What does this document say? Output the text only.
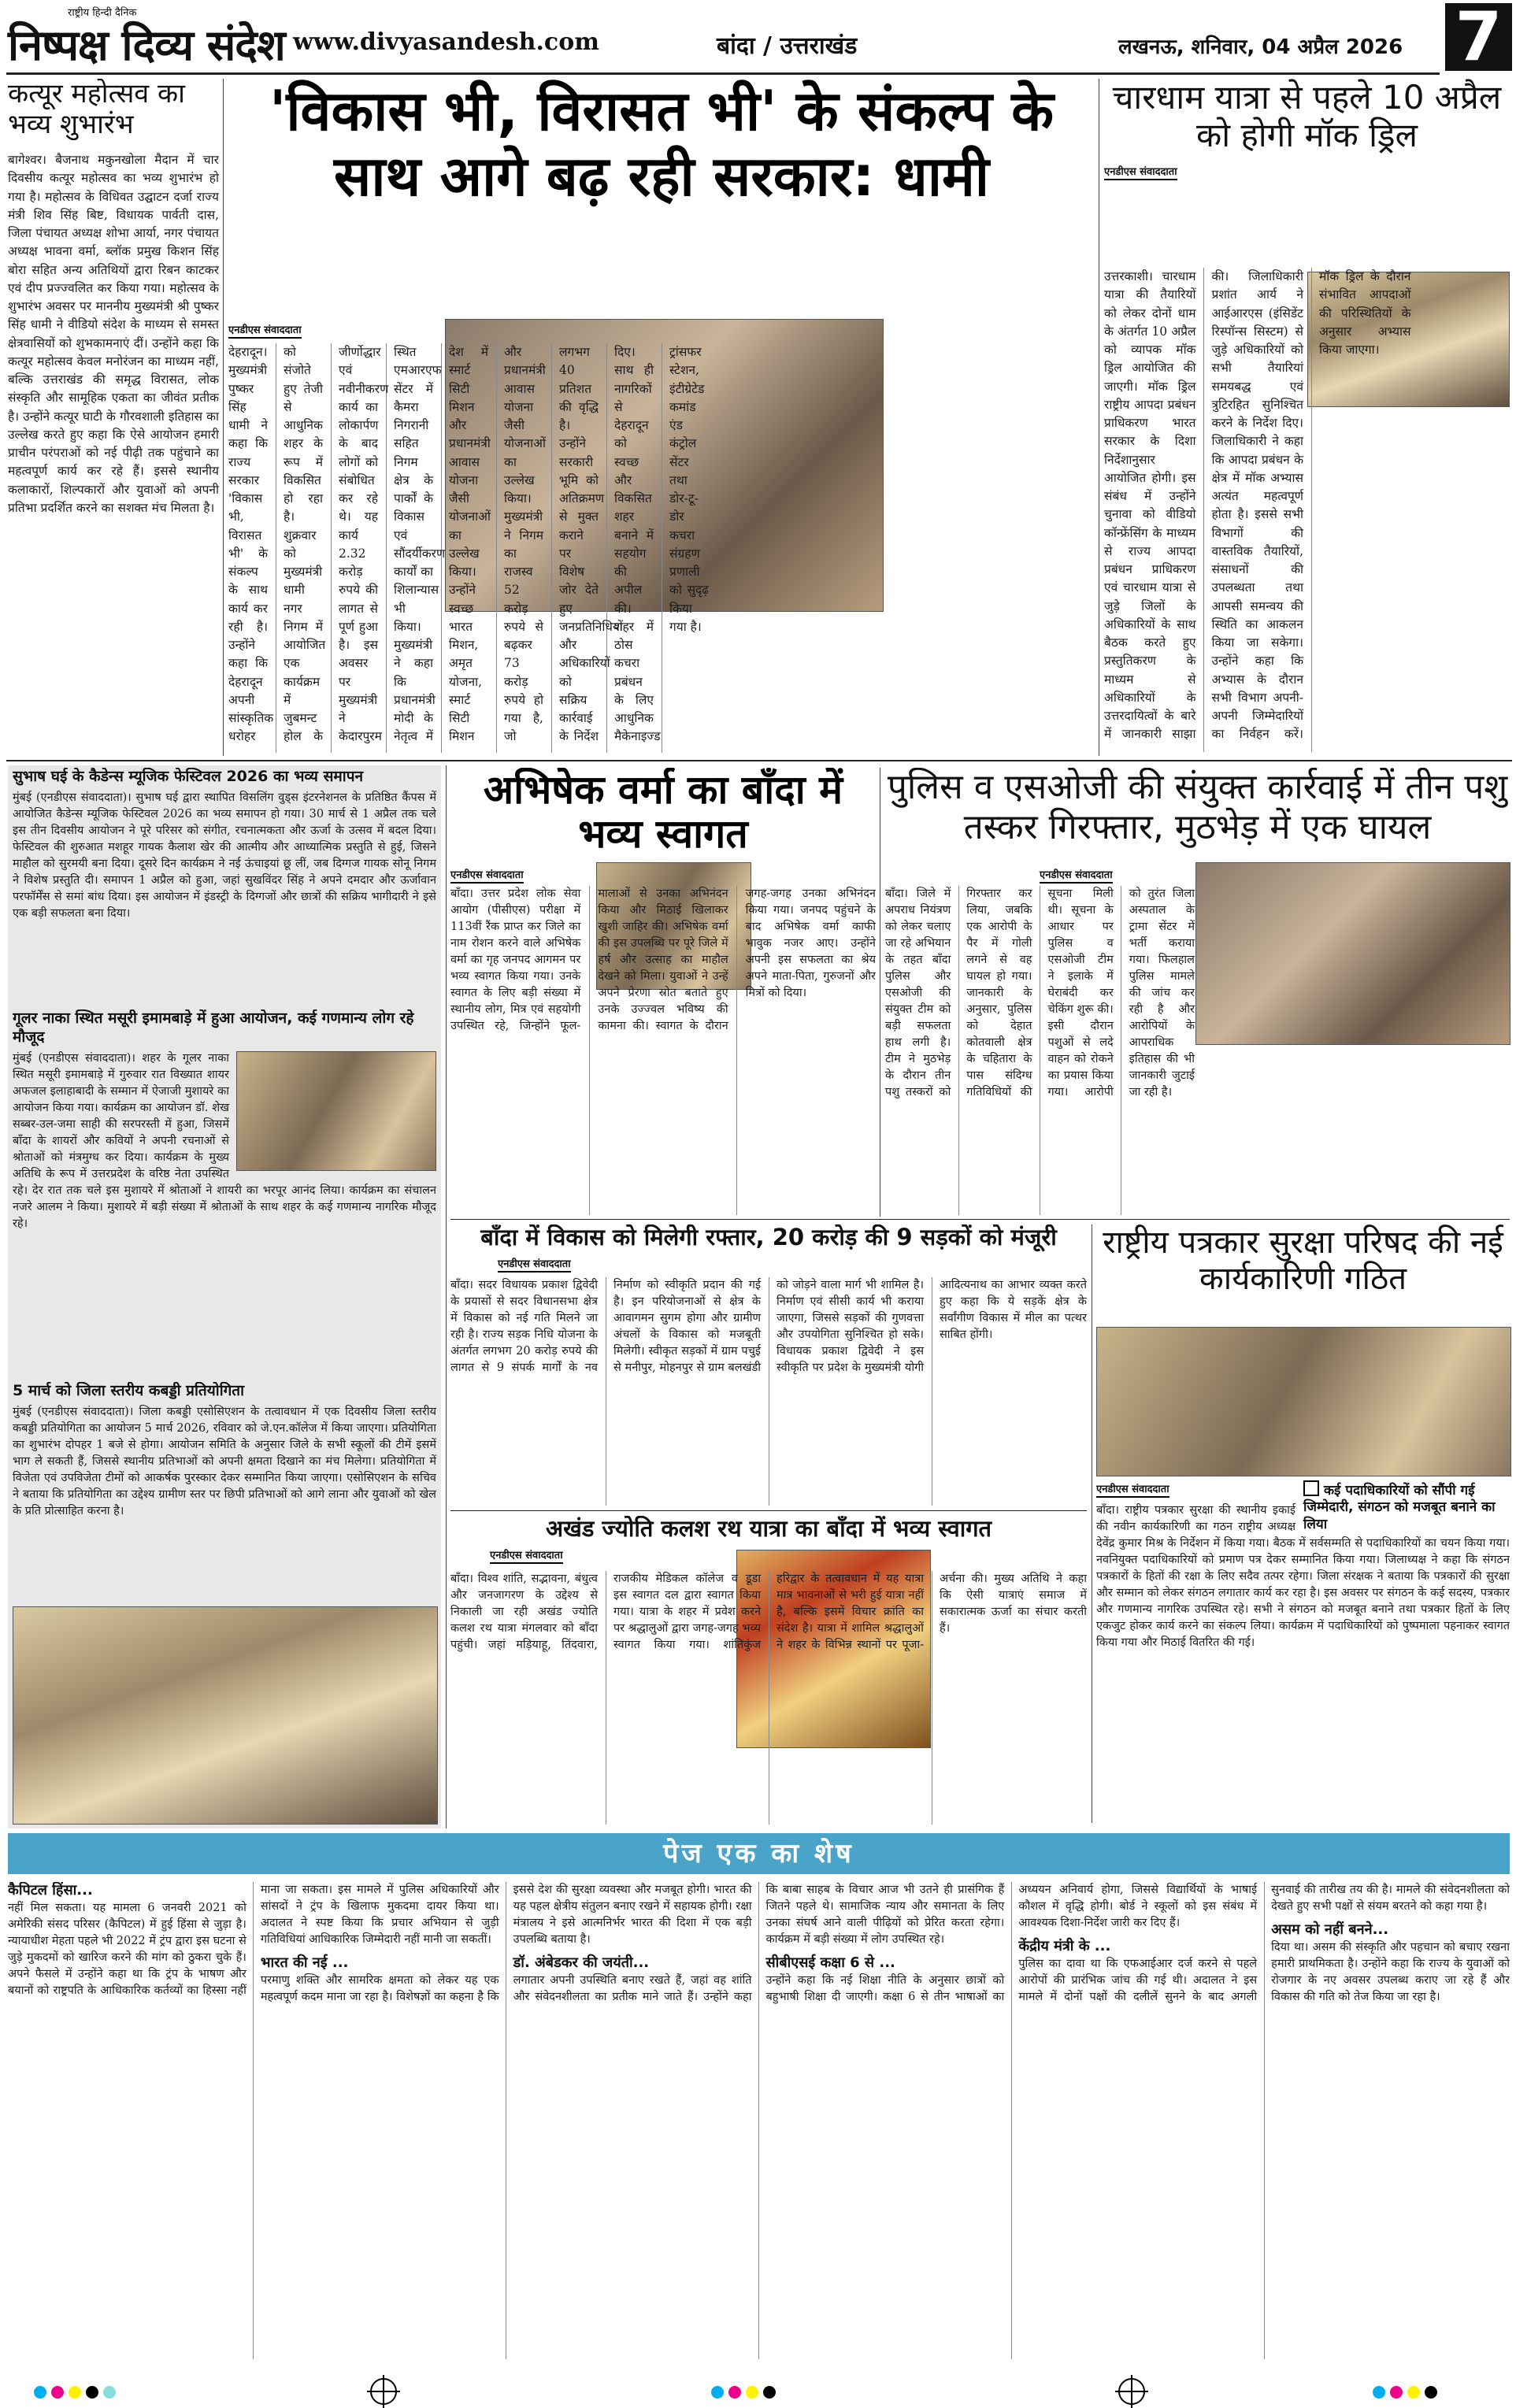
राष्ट्रीय हिन्दी दैनिक
निष्पक्ष दिव्य संदेश www.divyasandesh.com	बांदा / उत्तराखंड	लखनऊ, शनिवार, 04 अप्रैल 2026 7
कत्यूर महोत्सव का भव्य शुभारंभ

बागेश्वर। बैजनाथ मकुनखोला मैदान में चार दिवसीय कत्यूर महोत्सव का भव्य शुभारंभ हो गया है। महोत्सव के विधिवत उद्घाटन दर्जा राज्य मंत्री शिव सिंह बिष्ट, विधायक पार्वती दास, जिला पंचायत अध्यक्ष शोभा आर्या, नगर पंचायत अध्यक्ष भावना वर्मा, ब्लॉक प्रमुख किशन सिंह बोरा सहित अन्य अतिथियों द्वारा रिबन काटकर एवं दीप प्रज्ज्वलित कर किया गया। महोत्सव के शुभारंभ अवसर पर माननीय मुख्यमंत्री श्री पुष्कर सिंह धामी ने वीडियो संदेश के माध्यम से समस्त क्षेत्रवासियों को शुभकामनाएं दीं। उन्होंने कहा कि कत्यूर महोत्सव केवल मनोरंजन का माध्यम नहीं, बल्कि उत्तराखंड की समृद्ध विरासत, लोक संस्कृति और सामूहिक एकता का जीवंत प्रतीक है। उन्होंने कत्यूर घाटी के गौरवशाली इतिहास का उल्लेख करते हुए कहा कि ऐसे आयोजन हमारी प्राचीन परंपराओं को नई पीढ़ी तक पहुंचाने का महत्वपूर्ण कार्य कर रहे हैं। इससे स्थानीय कलाकारों, शिल्पकारों और युवाओं को अपनी प्रतिभा प्रदर्शित करने का सशक्त मंच मिलता है।

'विकास भी, विरासत भी' के संकल्प के साथ आगे बढ़ रही सरकार: धामी
एनडीएस संवाददाता

देहरादून। मुख्यमंत्री पुष्कर सिंह धामी ने कहा कि राज्य सरकार 'विकास भी, विरासत भी' के संकल्प के साथ कार्य कर रही है। उन्होंने कहा कि देहरादून अपनी सांस्कृतिक धरोहर को संजोते हुए तेजी से आधुनिक शहर के रूप में विकसित हो रहा है। शुक्रवार को मुख्यमंत्री धामी नगर निगम में आयोजित एक कार्यक्रम में जुबमन्ट होल के जीर्णोद्धार एवं नवीनीकरण कार्य का लोकार्पण के बाद लोगों को संबोधित कर रहे थे। यह कार्य 2.32 करोड़ रुपये की लागत से पूर्ण हुआ है। इस अवसर पर मुख्यमंत्री ने केदारपुरम स्थित एमआरएफ सेंटर में कैमरा निगरानी सहित निगम क्षेत्र के पार्कों के विकास एवं सौंदर्यीकरण कार्यों का शिलान्यास भी किया। मुख्यमंत्री ने कहा कि प्रधानमंत्री मोदी के नेतृत्व में देश में स्मार्ट सिटी मिशन और प्रधानमंत्री आवास योजना जैसी योजनाओं का उल्लेख किया। उन्होंने स्वच्छ भारत मिशन, अमृत योजना, स्मार्ट सिटी मिशन और प्रधानमंत्री आवास योजना जैसी योजनाओं का उल्लेख किया। मुख्यमंत्री ने निगम का राजस्व 52 करोड़ रुपये से बढ़कर 73 करोड़ रुपये हो गया है, जो लगभग 40 प्रतिशत की वृद्धि है। उन्होंने सरकारी भूमि को अतिक्रमण से मुक्त कराने पर विशेष जोर देते हुए जनप्रतिनिधियों और अधिकारियों को सक्रिय कार्रवाई के निर्देश दिए। साथ ही नागरिकों से देहरादून को स्वच्छ और विकसित शहर बनाने में सहयोग की अपील की। शहर में ठोस कचरा प्रबंधन के लिए आधुनिक मैकेनाइज्ड ट्रांसफर स्टेशन, इंटीग्रेटेड कमांड एंड कंट्रोल सेंटर तथा डोर-टू-डोर कचरा संग्रहण प्रणाली को सुदृढ़ किया गया है।

चारधाम यात्रा से पहले 10 अप्रैल को होगी मॉक ड्रिल
एनडीएस संवाददाता

उत्तरकाशी। चारधाम यात्रा की तैयारियों को लेकर दोनों धाम के अंतर्गत 10 अप्रैल को व्यापक मॉक ड्रिल आयोजित की जाएगी। मॉक ड्रिल राष्ट्रीय आपदा प्रबंधन प्राधिकरण भारत सरकार के दिशा निर्देशानुसार आयोजित होगी। इस संबंध में उन्होंने चुनावा को वीडियो कॉन्फ्रेंसिंग के माध्यम से राज्य आपदा प्रबंधन प्राधिकरण एवं चारधाम यात्रा से जुड़े जिलों के अधिकारियों के साथ बैठक करते हुए प्रस्तुतिकरण के माध्यम से अधिकारियों के उत्तरदायित्वों के बारे में जानकारी साझा की। जिलाधिकारी प्रशांत आर्य ने आईआरएस (इंसिडेंट रिस्पॉन्स सिस्टम) से जुड़े अधिकारियों को सभी तैयारियां समयबद्ध एवं त्रुटिरहित सुनिश्चित करने के निर्देश दिए। जिलाधिकारी ने कहा कि आपदा प्रबंधन के क्षेत्र में मॉक अभ्यास अत्यंत महत्वपूर्ण होता है। इससे सभी विभागों की वास्तविक तैयारियों, संसाधनों की उपलब्धता तथा आपसी समन्वय की स्थिति का आकलन किया जा सकेगा। उन्होंने कहा कि अभ्यास के दौरान सभी विभाग अपनी-अपनी जिम्मेदारियों का निर्वहन करें। मॉक ड्रिल के दौरान संभावित आपदाओं की परिस्थितियों के अनुसार अभ्यास किया जाएगा।

सुभाष घई के कैडेन्स म्यूजिक फेस्टिवल 2026 का भव्य समापन

मुंबई (एनडीएस संवाददाता)। सुभाष घई द्वारा स्थापित विसलिंग वुड्स इंटरनेशनल के प्रतिष्ठित कैंपस में आयोजित कैडेन्स म्यूजिक फेस्टिवल 2026 का भव्य समापन हो गया। 30 मार्च से 1 अप्रैल तक चले इस तीन दिवसीय आयोजन ने पूरे परिसर को संगीत, रचनात्मकता और ऊर्जा के उत्सव में बदल दिया। फेस्टिवल की शुरुआत मशहूर गायक कैलाश खेर की आत्मीय और आध्यात्मिक प्रस्तुति से हुई, जिसने माहौल को सुरमयी बना दिया। दूसरे दिन कार्यक्रम ने नई ऊंचाइयां छू लीं, जब दिग्गज गायक सोनू निगम ने विशेष प्रस्तुति दी। समापन 1 अप्रैल को हुआ, जहां सुखविंदर सिंह ने अपने दमदार और ऊर्जावान परफॉर्मेंस से समां बांध दिया। इस आयोजन में इंडस्ट्री के दिग्गजों और छात्रों की सक्रिय भागीदारी ने इसे एक बड़ी सफलता बना दिया।

गूलर नाका स्थित मसूरी इमामबाड़े में हुआ आयोजन, कई गणमान्य लोग रहे मौजूद

मुंबई (एनडीएस संवाददाता)। शहर के गूलर नाका स्थित मसूरी इमामबाड़े में गुरुवार रात विख्यात शायर अफजल इलाहाबादी के सम्मान में ऐजाजी मुशायरे का आयोजन किया गया। कार्यक्रम का आयोजन डॉ. शेख सब्बर-उल-जमा साही की सरपरस्ती में हुआ, जिसमें बाँदा के शायरों और कवियों ने अपनी रचनाओं से श्रोताओं को मंत्रमुग्ध कर दिया। कार्यक्रम के मुख्य अतिथि के रूप में उत्तरप्रदेश के वरिष्ठ नेता उपस्थित रहे। देर रात तक चले इस मुशायरे में श्रोताओं ने शायरी का भरपूर आनंद लिया। कार्यक्रम का संचालन नजरे आलम ने किया। मुशायरे में बड़ी संख्या में श्रोताओं के साथ शहर के कई गणमान्य नागरिक मौजूद रहे।

5 मार्च को जिला स्तरीय कबड्डी प्रतियोगिता

मुंबई (एनडीएस संवाददाता)। जिला कबड्डी एसोसिएशन के तत्वावधान में एक दिवसीय जिला स्तरीय कबड्डी प्रतियोगिता का आयोजन 5 मार्च 2026, रविवार को जे.एन.कॉलेज में किया जाएगा। प्रतियोगिता का शुभारंभ दोपहर 1 बजे से होगा। आयोजन समिति के अनुसार जिले के सभी स्कूलों की टीमें इसमें भाग ले सकती हैं, जिससे स्थानीय प्रतिभाओं को अपनी क्षमता दिखाने का मंच मिलेगा। प्रतियोगिता में विजेता एवं उपविजेता टीमों को आकर्षक पुरस्कार देकर सम्मानित किया जाएगा। एसोसिएशन के सचिव ने बताया कि प्रतियोगिता का उद्देश्य ग्रामीण स्तर पर छिपी प्रतिभाओं को आगे लाना और युवाओं को खेल के प्रति प्रोत्साहित करना है।

अभिषेक वर्मा का बाँदा में भव्य स्वागत
एनडीएस संवाददाता

बाँदा। उत्तर प्रदेश लोक सेवा आयोग (पीसीएस) परीक्षा में 113वीं रैंक प्राप्त कर जिले का नाम रोशन करने वाले अभिषेक वर्मा का गृह जनपद आगमन पर भव्य स्वागत किया गया। उनके स्वागत के लिए बड़ी संख्या में स्थानीय लोग, मित्र एवं सहयोगी उपस्थित रहे, जिन्होंने फूल-मालाओं से उनका अभिनंदन किया और मिठाई खिलाकर खुशी जाहिर की। अभिषेक वर्मा की इस उपलब्धि पर पूरे जिले में हर्ष और उत्साह का माहौल देखने को मिला। युवाओं ने उन्हें अपने प्रेरणा स्रोत बताते हुए उनके उज्ज्वल भविष्य की कामना की। स्वागत के दौरान जगह-जगह उनका अभिनंदन किया गया। जनपद पहुंचने के बाद अभिषेक वर्मा काफी भावुक नजर आए। उन्होंने अपनी इस सफलता का श्रेय अपने माता-पिता, गुरुजनों और मित्रों को दिया।

पुलिस व एसओजी की संयुक्त कार्रवाई में तीन पशु तस्कर गिरफ्तार, मुठभेड़ में एक घायल
एनडीएस संवाददाता

बाँदा। जिले में अपराध नियंत्रण को लेकर चलाए जा रहे अभियान के तहत बाँदा पुलिस और एसओजी की संयुक्त टीम को बड़ी सफलता हाथ लगी है। टीम ने मुठभेड़ के दौरान तीन पशु तस्करों को गिरफ्तार कर लिया, जबकि एक आरोपी के पैर में गोली लगने से वह घायल हो गया। जानकारी के अनुसार, पुलिस को देहात कोतवाली क्षेत्र के चहितारा के पास संदिग्ध गतिविधियों की सूचना मिली थी। सूचना के आधार पर पुलिस व एसओजी टीम ने इलाके में घेराबंदी कर चेकिंग शुरू की। इसी दौरान पशुओं से लदे वाहन को रोकने का प्रयास किया गया। आरोपी को तुरंत जिला अस्पताल के ट्रामा सेंटर में भर्ती कराया गया। फिलहाल पुलिस मामले की जांच कर रही है और आरोपियों के आपराधिक इतिहास की भी जानकारी जुटाई जा रही है।

बाँदा में विकास को मिलेगी रफ्तार, 20 करोड़ की 9 सड़कों को मंजूरी
एनडीएस संवाददाता

बाँदा। सदर विधायक प्रकाश द्विवेदी के प्रयासों से सदर विधानसभा क्षेत्र में विकास को नई गति मिलने जा रही है। राज्य सड़क निधि योजना के अंतर्गत लगभग 20 करोड़ रुपये की लागत से 9 संपर्क मार्गों के नव निर्माण को स्वीकृति प्रदान की गई है। इन परियोजनाओं से क्षेत्र के आवागमन सुगम होगा और ग्रामीण अंचलों के विकास को मजबूती मिलेगी। स्वीकृत सड़कों में ग्राम पचुई से मनीपुर, मोहनपुर से ग्राम बलखंडी को जोड़ने वाला मार्ग भी शामिल है। निर्माण एवं सीसी कार्य भी कराया जाएगा, जिससे सड़कों की गुणवत्ता और उपयोगिता सुनिश्चित हो सके। विधायक प्रकाश द्विवेदी ने इस स्वीकृति पर प्रदेश के मुख्यमंत्री योगी आदित्यनाथ का आभार व्यक्त करते हुए कहा कि ये सड़कें क्षेत्र के सर्वांगीण विकास में मील का पत्थर साबित होंगी।

राष्ट्रीय पत्रकार सुरक्षा परिषद की नई कार्यकारिणी गठित
कई पदाधिकारियों को सौंपी गई जिम्मेदारी, संगठन को मजबूत बनाने का लिया
एनडीएस संवाददाता

बाँदा। राष्ट्रीय पत्रकार सुरक्षा की स्थानीय इकाई की नवीन कार्यकारिणी का गठन राष्ट्रीय अध्यक्ष देवेंद्र कुमार मिश्र के निर्देशन में किया गया। बैठक में सर्वसम्मति से पदाधिकारियों का चयन किया गया। नवनियुक्त पदाधिकारियों को प्रमाण पत्र देकर सम्मानित किया गया। जिलाध्यक्ष ने कहा कि संगठन पत्रकारों के हितों की रक्षा के लिए सदैव तत्पर रहेगा। जिला संरक्षक ने बताया कि पत्रकारों की सुरक्षा और सम्मान को लेकर संगठन लगातार कार्य कर रहा है। इस अवसर पर संगठन के कई सदस्य, पत्रकार और गणमान्य नागरिक उपस्थित रहे। सभी ने संगठन को मजबूत बनाने तथा पत्रकार हितों के लिए एकजुट होकर कार्य करने का संकल्प लिया। कार्यक्रम में पदाधिकारियों को पुष्पमाला पहनाकर स्वागत किया गया और मिठाई वितरित की गई।

अखंड ज्योति कलश रथ यात्रा का बाँदा में भव्य स्वागत
एनडीएस संवाददाता

बाँदा। विश्व शांति, सद्भावना, बंधुत्व और जनजागरण के उद्देश्य से निकाली जा रही अखंड ज्योति कलश रथ यात्रा मंगलवार को बाँदा पहुंची। जहां मड़ियाहू, तिंदवारा, राजकीय मेडिकल कॉलेज व डूडा इस स्वागत दल द्वारा स्वागत किया गया। यात्रा के शहर में प्रवेश करने पर श्रद्धालुओं द्वारा जगह-जगह भव्य स्वागत किया गया। शांतिकुंज हरिद्वार के तत्वावधान में यह यात्रा मात्र भावनाओं से भरी हुई यात्रा नहीं है, बल्कि इसमें विचार क्रांति का संदेश है। यात्रा में शामिल श्रद्धालुओं ने शहर के विभिन्न स्थानों पर पूजा-अर्चना की। मुख्य अतिथि ने कहा कि ऐसी यात्राएं समाज में सकारात्मक ऊर्जा का संचार करती हैं।

पेज एक का शेष
कैपिटल हिंसा...

नहीं मिल सकता। यह मामला 6 जनवरी 2021 को अमेरिकी संसद परिसर (कैपिटल) में हुई हिंसा से जुड़ा है। न्यायाधीश मेहता पहले भी 2022 में ट्रंप द्वारा इस घटना से जुड़े मुकदमों को खारिज करने की मांग को ठुकरा चुके हैं। अपने फैसले में उन्होंने कहा था कि ट्रंप के भाषण और बयानों को राष्ट्रपति के आधिकारिक कर्तव्यों का हिस्सा नहीं माना जा सकता। इस मामले में पुलिस अधिकारियों और सांसदों ने ट्रंप के खिलाफ मुकदमा दायर किया था। अदालत ने स्पष्ट किया कि प्रचार अभियान से जुड़ी गतिविधियां आधिकारिक जिम्मेदारी नहीं मानी जा सकतीं।

भारत की नई ...

परमाणु शक्ति और सामरिक क्षमता को लेकर यह एक महत्वपूर्ण कदम माना जा रहा है। विशेषज्ञों का कहना है कि इससे देश की सुरक्षा व्यवस्था और मजबूत होगी। भारत की यह पहल क्षेत्रीय संतुलन बनाए रखने में सहायक होगी। रक्षा मंत्रालय ने इसे आत्मनिर्भर भारत की दिशा में एक बड़ी उपलब्धि बताया है।

डॉ. अंबेडकर की जयंती...

लगातार अपनी उपस्थिति बनाए रखते हैं, जहां वह शांति और संवेदनशीलता का प्रतीक माने जाते हैं। उन्होंने कहा कि बाबा साहब के विचार आज भी उतने ही प्रासंगिक हैं जितने पहले थे। सामाजिक न्याय और समानता के लिए उनका संघर्ष आने वाली पीढ़ियों को प्रेरित करता रहेगा। कार्यक्रम में बड़ी संख्या में लोग उपस्थित रहे।

सीबीएसई कक्षा 6 से ...

उन्होंने कहा कि नई शिक्षा नीति के अनुसार छात्रों को बहुभाषी शिक्षा दी जाएगी। कक्षा 6 से तीन भाषाओं का अध्ययन अनिवार्य होगा, जिससे विद्यार्थियों के भाषाई कौशल में वृद्धि होगी। बोर्ड ने स्कूलों को इस संबंध में आवश्यक दिशा-निर्देश जारी कर दिए हैं।

केंद्रीय मंत्री के ...

पुलिस का दावा था कि एफआईआर दर्ज करने से पहले आरोपों की प्रारंभिक जांच की गई थी। अदालत ने इस मामले में दोनों पक्षों की दलीलें सुनने के बाद अगली सुनवाई की तारीख तय की है। मामले की संवेदनशीलता को देखते हुए सभी पक्षों से संयम बरतने को कहा गया है।

असम को नहीं बनने...

दिया था। असम की संस्कृति और पहचान को बचाए रखना हमारी प्राथमिकता है। उन्होंने कहा कि राज्य के युवाओं को रोजगार के नए अवसर उपलब्ध कराए जा रहे हैं और विकास की गति को तेज किया जा रहा है।
